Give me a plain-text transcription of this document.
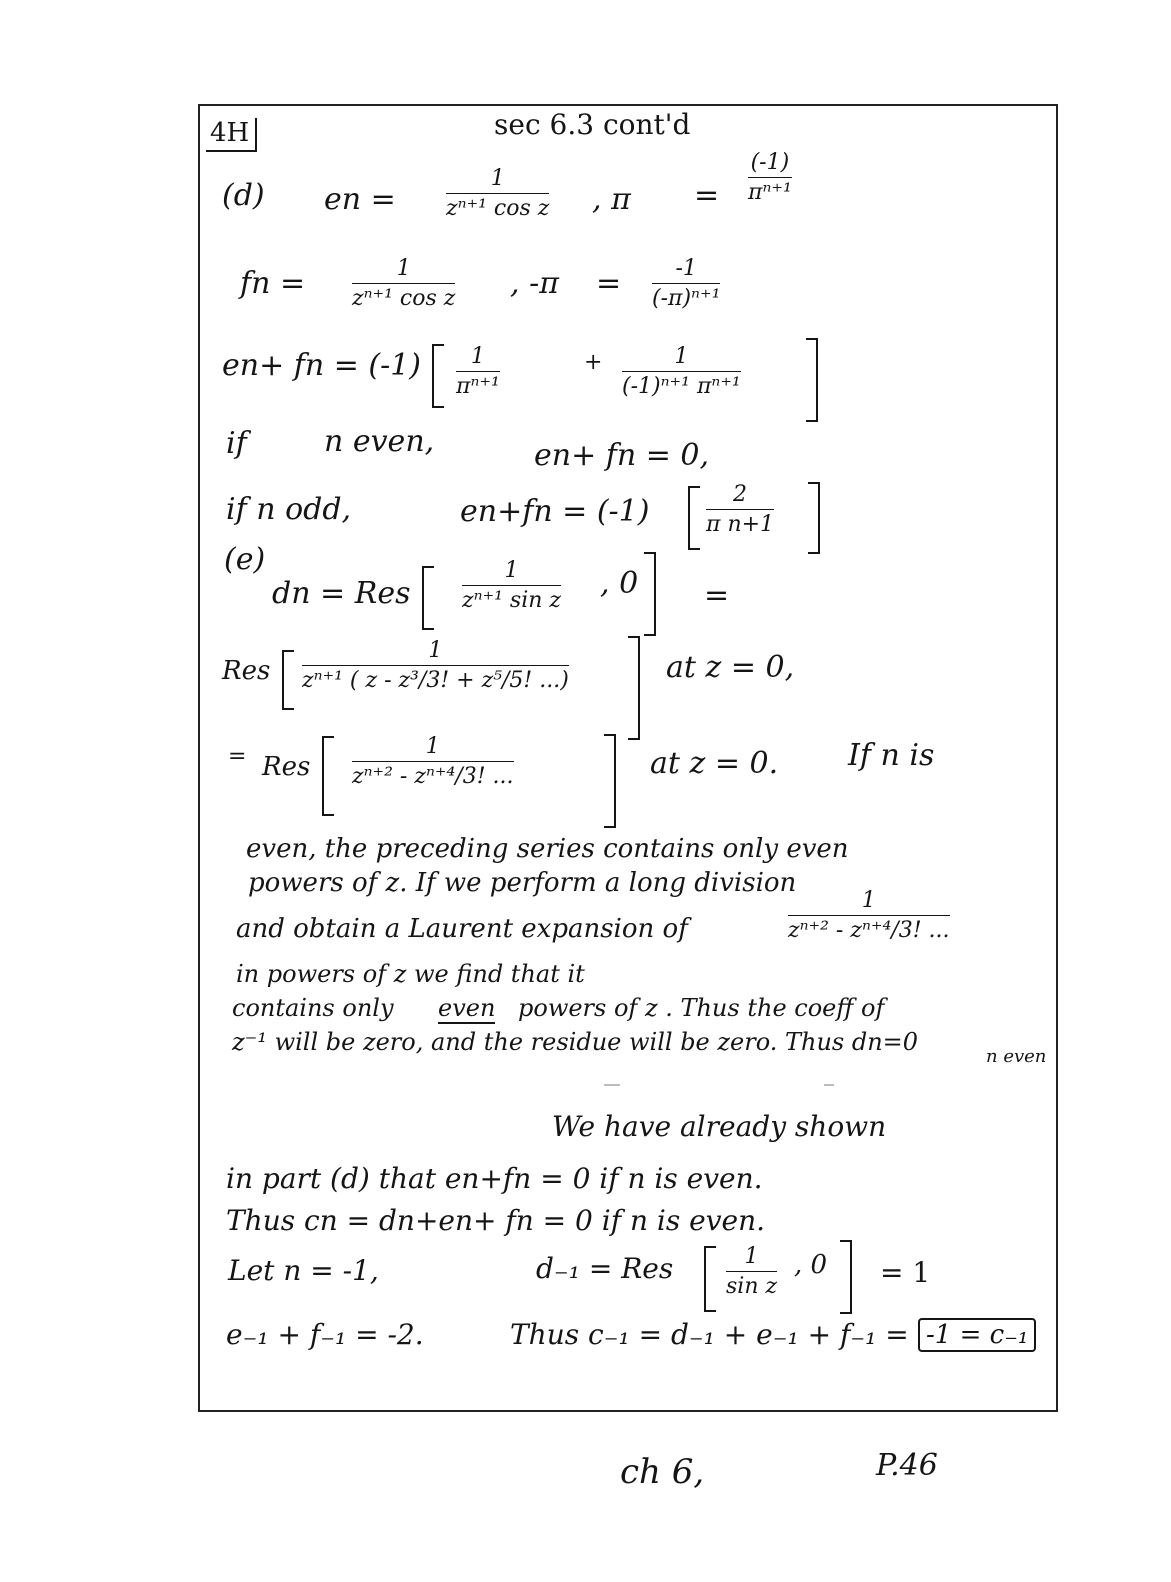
4H	sec 6.3 cont'd
(d) en =
1
zⁿ⁺¹ cos z , π =
(-1)
πⁿ⁺¹
fn =	1
zⁿ⁺¹ cos z , -π = -1
(-π)ⁿ⁺¹
en+ fn = (-1) 1
πⁿ⁺¹
+	1
(-1)ⁿ⁺¹ πⁿ⁺¹
if	n even,	en+ fn = 0,
if n odd,	en+fn = (-1)	2
π n+1
(e)
dn = Res
1
zⁿ⁺¹ sin z , 0 =
Res
1
zⁿ⁺¹ ( z - z³/3! + z⁵/5! ...)	at z = 0,
= Res
1
zⁿ⁺² - zⁿ⁺⁴/3! ...	at z = 0. If n is
even, the preceding series contains only even
powers of z. If we perform a long division
and obtain a Laurent expansion of
1
zⁿ⁺² - zⁿ⁺⁴/3! ...
in powers of z we find that it
contains only even powers of z . Thus the coeff of
z⁻¹ will be zero, and the residue will be zero. Thus dn=0
n even
We have already shown
in part (d) that en+fn = 0 if n is even.
Thus cn = dn+en+ fn = 0 if n is even.
Let n = -1,	d₋₁ = Res	1
sin z
, 0 = 1
e₋₁ + f₋₁ = -2.	Thus c₋₁ = d₋₁ + e₋₁ + f₋₁ = -1 = c₋₁
ch 6,	P.46
